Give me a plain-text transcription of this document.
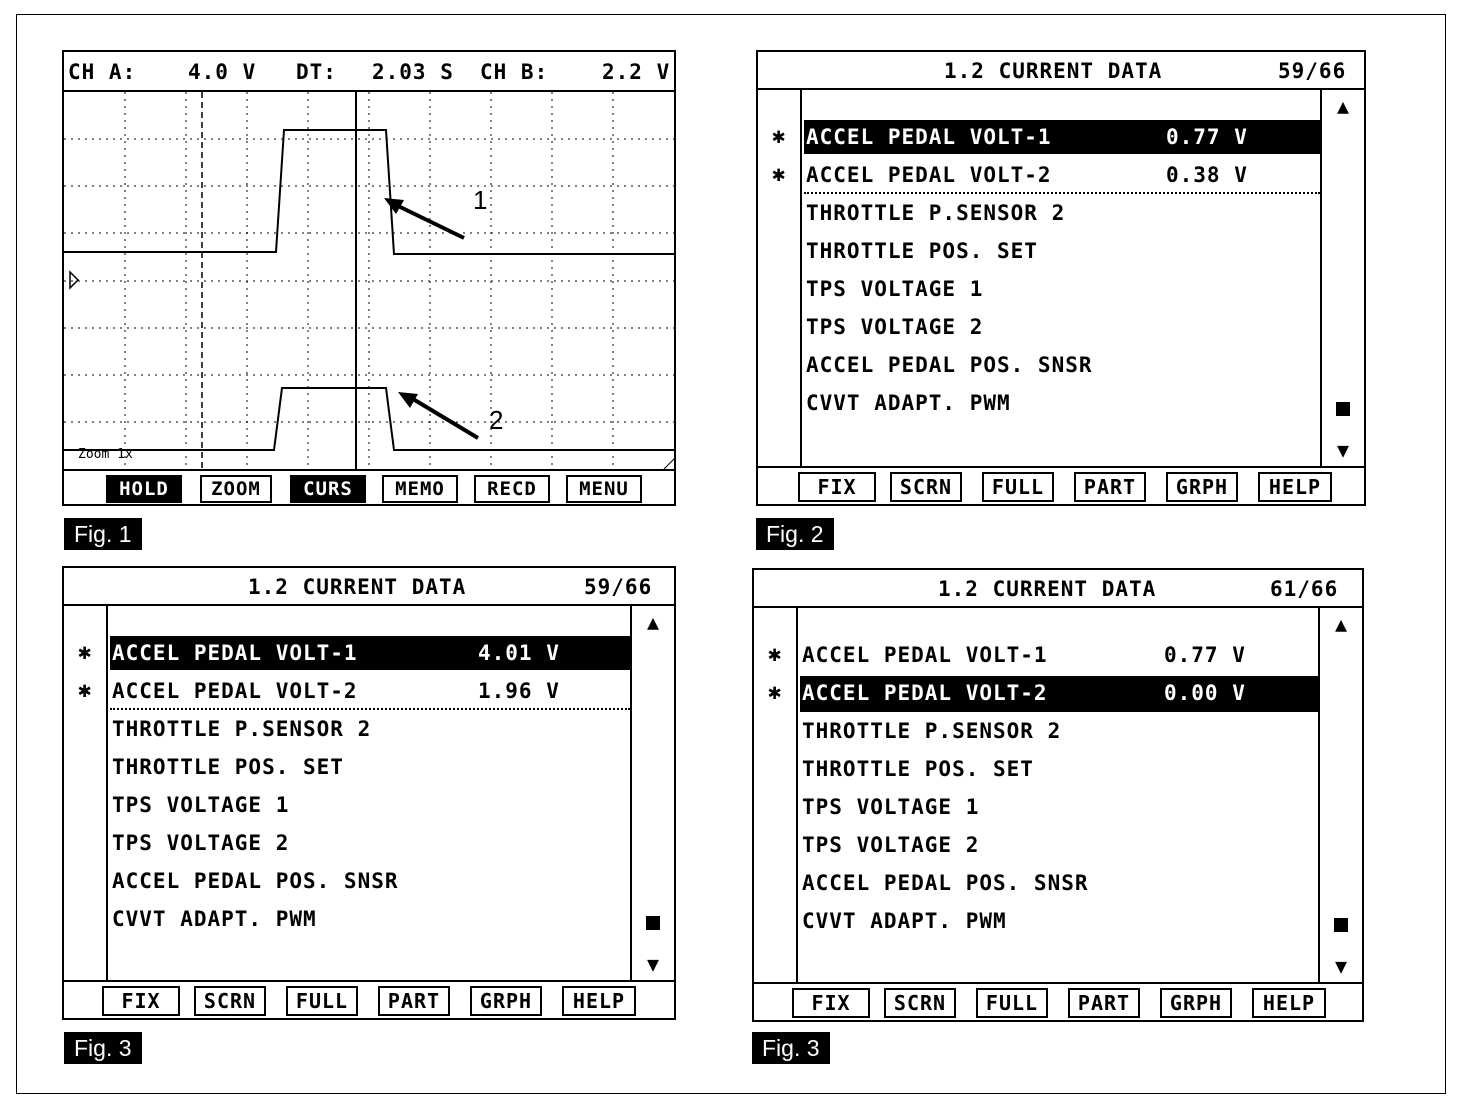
CH A: 4.0 V DT: 2.03 S CH B:	2.2 V
Zoom 1x
HOLD	ZOOM	CURS	MEMO	RECD	MENU
1
2
Fig. 1
1.2 CURRENT DATA	59/66
✱
✱
ACCEL PEDAL VOLT-1	0.77 V
ACCEL PEDAL VOLT-2	0.38 V
THROTTLE P.SENSOR 2
THROTTLE POS. SET
TPS VOLTAGE 1
TPS VOLTAGE 2
ACCEL PEDAL POS. SNSR
CVVT ADAPT. PWM
▲
▼
FIX	SCRN	FULL	PART	GRPH	HELP
Fig. 2
1.2 CURRENT DATA	59/66
✱
✱
ACCEL PEDAL VOLT-1	4.01 V
ACCEL PEDAL VOLT-2	1.96 V
THROTTLE P.SENSOR 2
THROTTLE POS. SET
TPS VOLTAGE 1
TPS VOLTAGE 2
ACCEL PEDAL POS. SNSR
CVVT ADAPT. PWM
▲
▼
FIX	SCRN	FULL	PART	GRPH	HELP
Fig. 3
1.2 CURRENT DATA	61/66
✱
✱
ACCEL PEDAL VOLT-1	0.77 V
ACCEL PEDAL VOLT-2	0.00 V
THROTTLE P.SENSOR 2
THROTTLE POS. SET
TPS VOLTAGE 1
TPS VOLTAGE 2
ACCEL PEDAL POS. SNSR
CVVT ADAPT. PWM
▲
▼
FIX	SCRN	FULL	PART	GRPH	HELP
Fig. 3
